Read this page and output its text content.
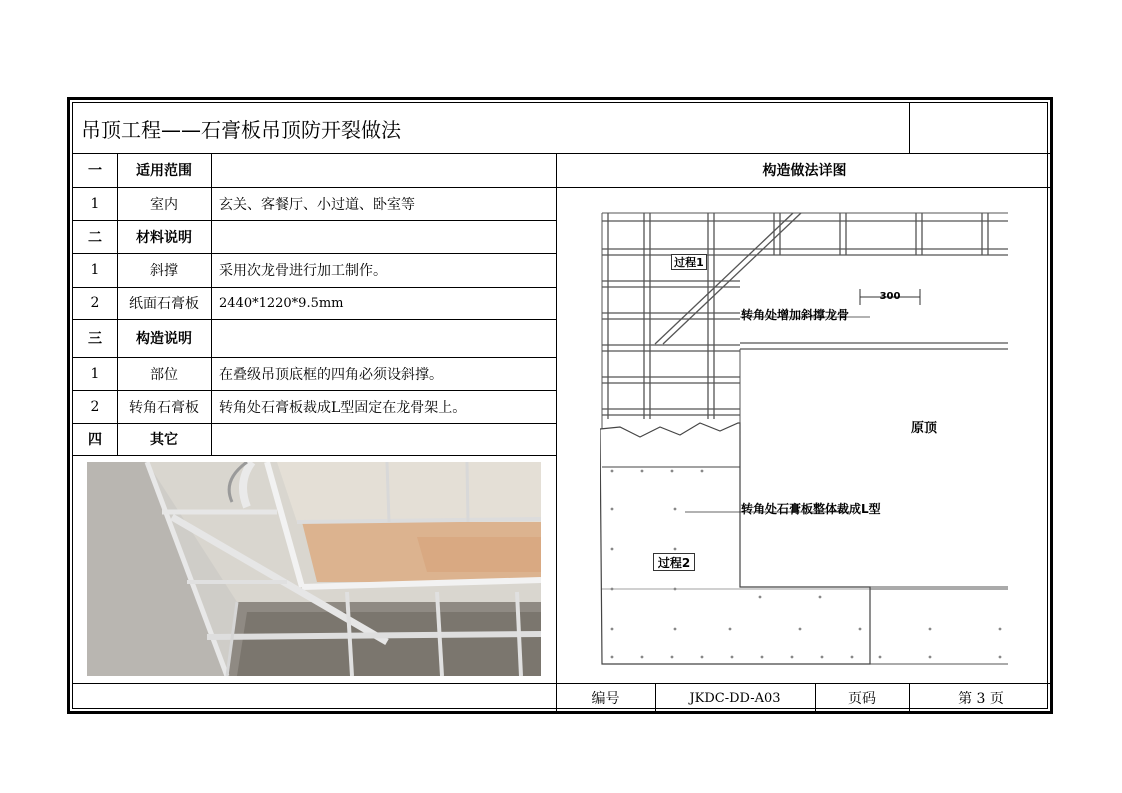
吊顶工程——石膏板吊顶防开裂做法
一	适用范围
1	室内	玄关、客餐厅、小过道、卧室等
二	材料说明
1	斜撑	采用次龙骨进行加工制作。
2	纸面石膏板	2440*1220*9.5mm
三	构造说明
1	部位	在叠级吊顶底框的四角必须设斜撑。
2	转角石膏板	转角处石膏板裁成L型固定在龙骨架上。
四	其它
构造做法详图
过程1
过程2
300
转角处增加斜撑龙骨
转角处石膏板整体裁成L型
原顶
编号	JKDC-DD-A03	页码	第 3 页
